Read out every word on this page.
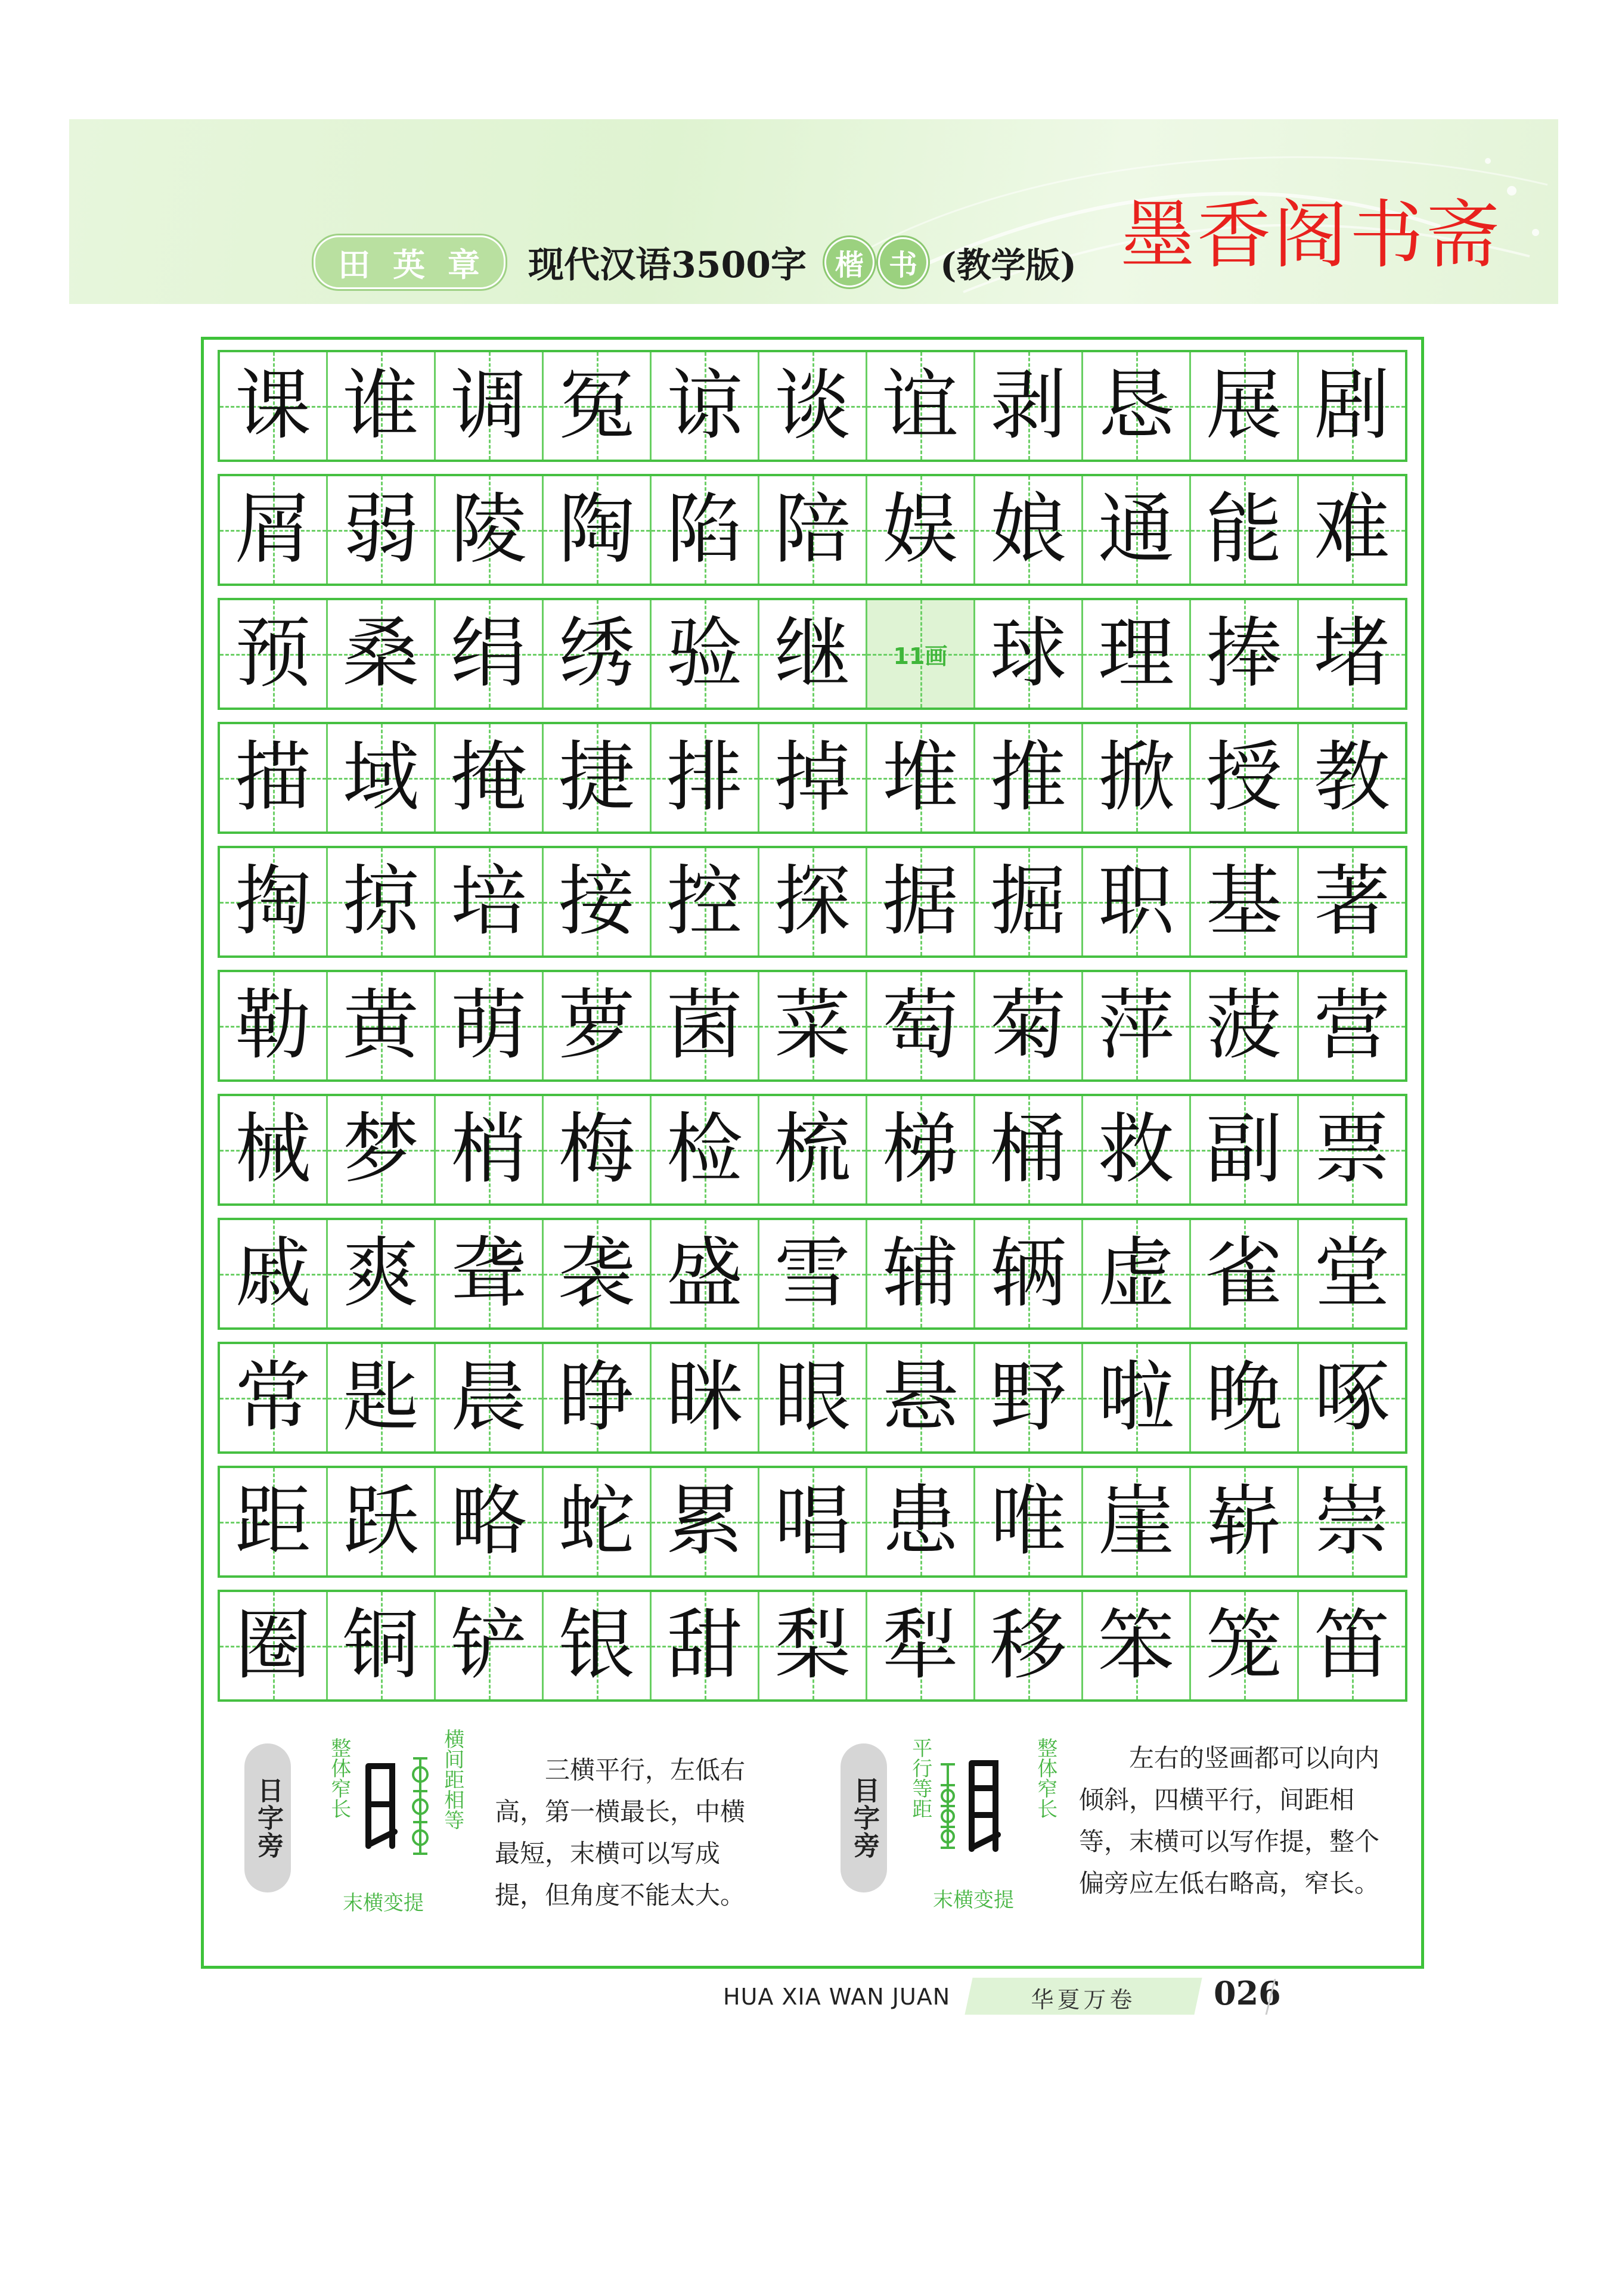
田 英 章 现代汉语3500字 楷 书 (教学版) 墨香阁书斋
课 谁 调 冤 谅 谈 谊 剥 恳 展 剧
屑 弱 陵 陶 陷 陪 娱 娘 通 能 难
预 桑 绢 绣 验 继 11画 球 理 捧 堵
描 域 掩 捷 排 掉 堆 推 掀 授 教
掏 掠 培 接 控 探 据 掘 职 基 著
勒 黄 萌 萝 菌 菜 萄 菊 萍 菠 营
械 梦 梢 梅 检 梳 梯 桶 救 副 票
戚 爽 聋 袭 盛 雪 辅 辆 虚 雀 堂
常 匙 晨 睁 眯 眼 悬 野 啦 晚 啄
距 跃 略 蛇 累 唱 患 唯 崖 崭 崇
圈 铜 铲 银 甜 梨 犁 移 笨 笼 笛
日字旁	整体窄长	横间距相等
末横变提
三横平行，左低右高，第一横最长，中横最短，末横可以写成提，但角度不能太大。
目字旁	平行等距	整体窄长
末横变提
左右的竖画都可以向内倾斜，四横平行，间距相等，末横可以写作提，整个偏旁应左低右略高，窄长。
HUA XIA WAN JUAN	华夏万卷	026
